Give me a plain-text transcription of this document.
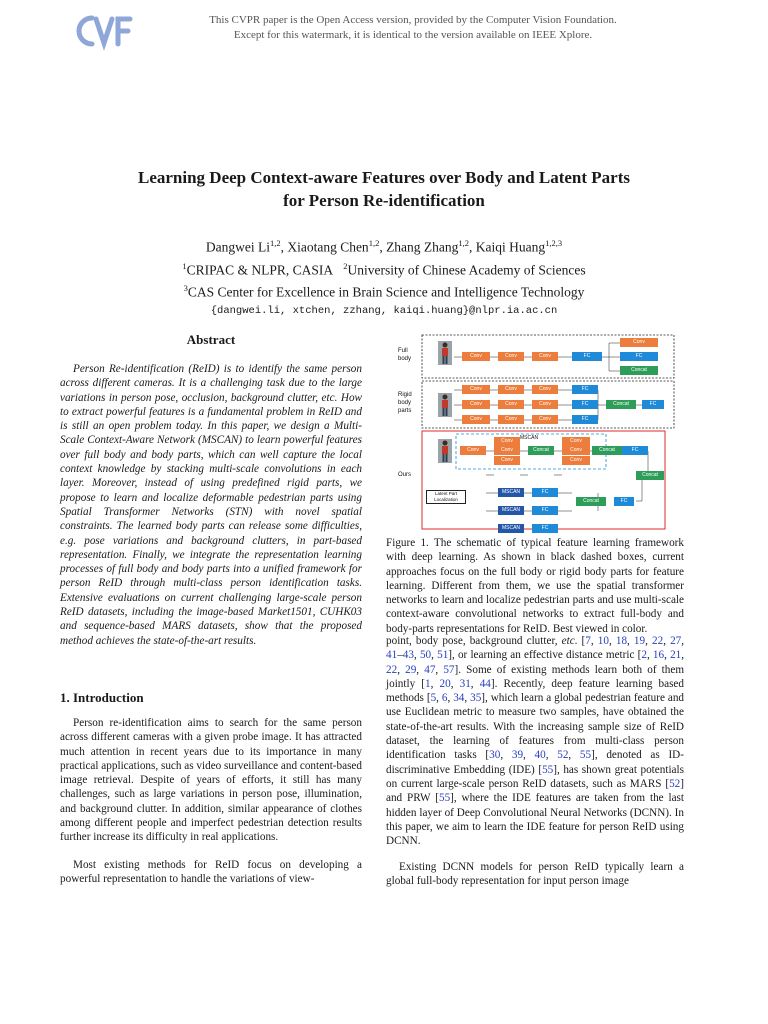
This CVPR paper is the Open Access version, provided by the Computer Vision Foundation.
Except for this watermark, it is identical to the version available on IEEE Xplore.
Learning Deep Context-aware Features over Body and Latent Parts
for Person Re-identification
Dangwei Li$^{1,2}$, Xiaotang Chen$^{1,2}$, Zhang Zhang$^{1,2}$, Kaiqi Huang$^{1,2,3}$
$^1$CRIPAC & NLPR, CASIA $^2$University of Chinese Academy of Sciences
$^3$CAS Center for Excellence in Brain Science and Intelligence Technology
{dangwei.li, xtchen, zzhang, kaiqi.huang}@nlpr.ia.ac.cn
Abstract
Person Re-identification (ReID) is to identify the same person across different cameras. It is a challenging task due to the large variations in person pose, occlusion, background clutter, etc. How to extract powerful features is a fundamental problem in ReID and is still an open problem today. In this paper, we design a Multi-Scale Context-Aware Network (MSCAN) to learn powerful features over full body and body parts, which can well capture the local context knowledge by stacking multi-scale convolutions in each layer. Moreover, instead of using predefined rigid parts, we propose to learn and localize deformable pedestrian parts using Spatial Transformer Networks (STN) with novel spatial constraints. The learned body parts can release some difficulties, e.g. pose variations and background clutters, in part-based representation. Finally, we integrate the representation learning processes of full body and body parts into a unified framework for person ReID through multi-class person identification tasks. Extensive evaluations on current challenging large-scale person ReID datasets, including the image-based Market1501, CUHK03 and sequence-based MARS datasets, show that the proposed method achieves the state-of-the-art results.
1. Introduction
Person re-identification aims to search for the same person across different cameras with a given probe image. It has attracted much attention in recent years due to its importance in many practical applications, such as video surveillance and content-based image retrieval. Despite of years of efforts, it still has many challenges, such as large variations in person pose, illumination, and background clutter. In addition, similar appearance of clothes among different people and imperfect pedestrian detection results further increase its difficulty in real applications.
Most existing methods for ReID focus on developing a powerful representation to handle the variations of view-
Full body
Rigid body parts
Ours
Conv	Conv	Conv	FC
Conv
FC
Concat
Conv	Conv	Conv	FC
Conv	Conv	Conv	FC
Conv	Conv	Conv	FC
Concat	FC
MSCAN
Conv
Conv
Conv
Conv
Concat
Conv
Conv
Conv
Concat	FC
Concat
Latent Part Localization
MSCAN	FC
MSCAN	FC
MSCAN	FC
Concat	FC
Figure 1. The schematic of typical feature learning framework with deep learning. As shown in black dashed boxes, current approaches focus on the full body or rigid body parts for feature learning. Different from them, we use the spatial transformer networks to learn and localize pedestrian parts and use multi-scale context-aware convolutional networks to extract full-body and body-parts representations for ReID. Best viewed in color.
point, body pose, background clutter, etc. [7, 10, 18, 19, 22, 27, 41–43, 50, 51], or learning an effective distance metric [2, 16, 21, 22, 29, 47, 57]. Some of existing methods learn both of them jointly [1, 20, 31, 44]. Recently, deep feature learning based methods [5, 6, 34, 35], which learn a global pedestrian feature and use Euclidean metric to measure two samples, have obtained the state-of-the-art results. With the increasing sample size of ReID dataset, the learning of features from multi-class person identification tasks [30, 39, 40, 52, 55], denoted as ID-discriminative Embedding (IDE) [55], has shown great potentials on current large-scale person ReID datasets, such as MARS [52] and PRW [55], where the IDE features are taken from the last hidden layer of Deep Convolutional Neural Networks (DCNN). In this paper, we aim to learn the IDE feature for person ReID using DCNN.
Existing DCNN models for person ReID typically learn a global full-body representation for input person image
